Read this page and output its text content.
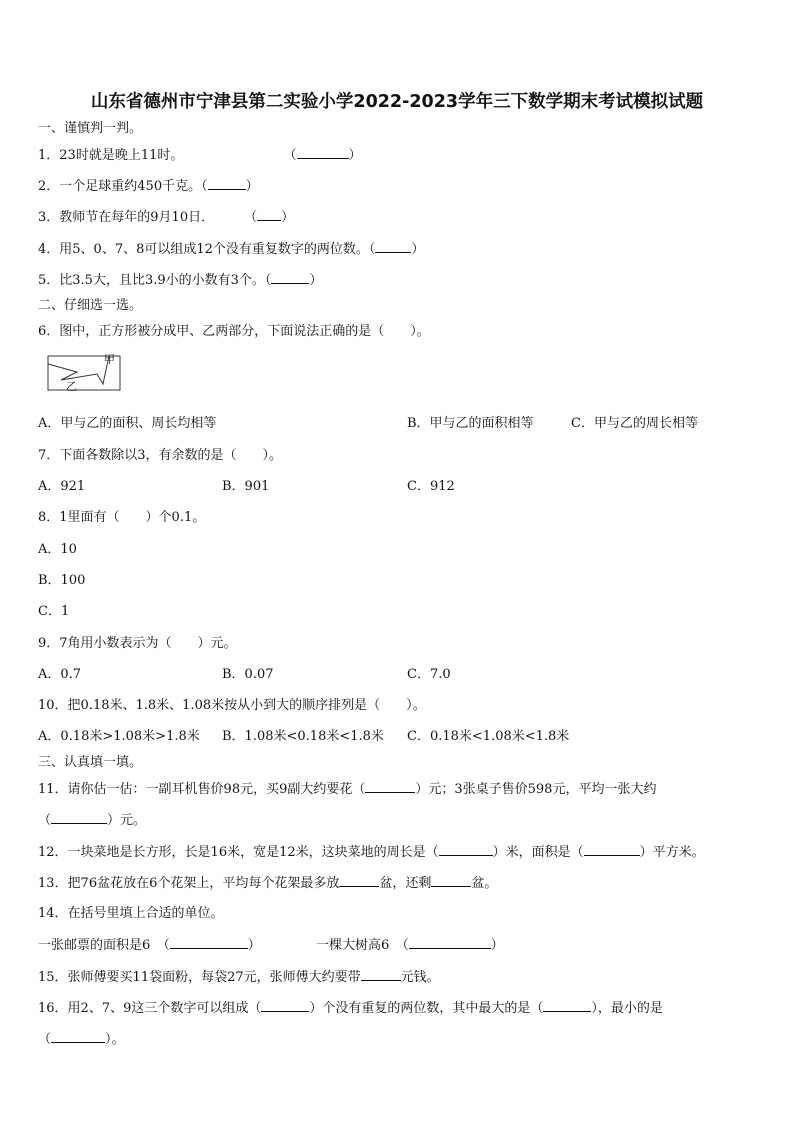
山东省德州市宁津县第二实验小学2022-2023学年三下数学期末考试模拟试题
一、谨慎判一判。
1．23时就是晚上11时。	（	）
2．一个足球重约450千克。（	）
3．教师节在每年的9月10日． （ ）
4．用5、0、7、8可以组成12个没有重复数字的两位数。（	）
5．比3.5大，且比3.9小的小数有3个。（	）
二、仔细选一选。
6．图中，正方形被分成甲、乙两部分，下面说法正确的是（　　）。
甲
乙
A．甲与乙的面积、周长均相等	B．甲与乙的面积相等	C．甲与乙的周长相等
7．下面各数除以3，有余数的是（　　）。
A．921	B．901	C．912
8．1里面有（　　）个0.1。
A．10
B．100
C．1
9．7角用小数表示为（　　）元。
A．0.7	B．0.07	C．7.0
10．把0.18米、1.8米、1.08米按从小到大的顺序排列是（　　）。
A．0.18米>1.08米>1.8米 B．1.08米<0.18米<1.8米 C．0.18米<1.08米<1.8米
三、认真填一填。
11．请你估一估：一副耳机售价98元，买9副大约要花（	）元；3张桌子售价598元，平均一张大约
（	）元。
12．一块菜地是长方形，长是16米，宽是12米，这块菜地的周长是（	）米，面积是（	）平方米。
13．把76盆花放在6个花架上，平均每个花架最多放	盆，还剩	盆。
14．在括号里填上合适的单位。
一张邮票的面积是6　（	）	一棵大树高6　（	）
15．张师傅要买11袋面粉，每袋27元，张师傅大约要带	元钱。
16．用2、7、9这三个数字可以组成（	）个没有重复的两位数，其中最大的是（	），最小的是
（	）。
